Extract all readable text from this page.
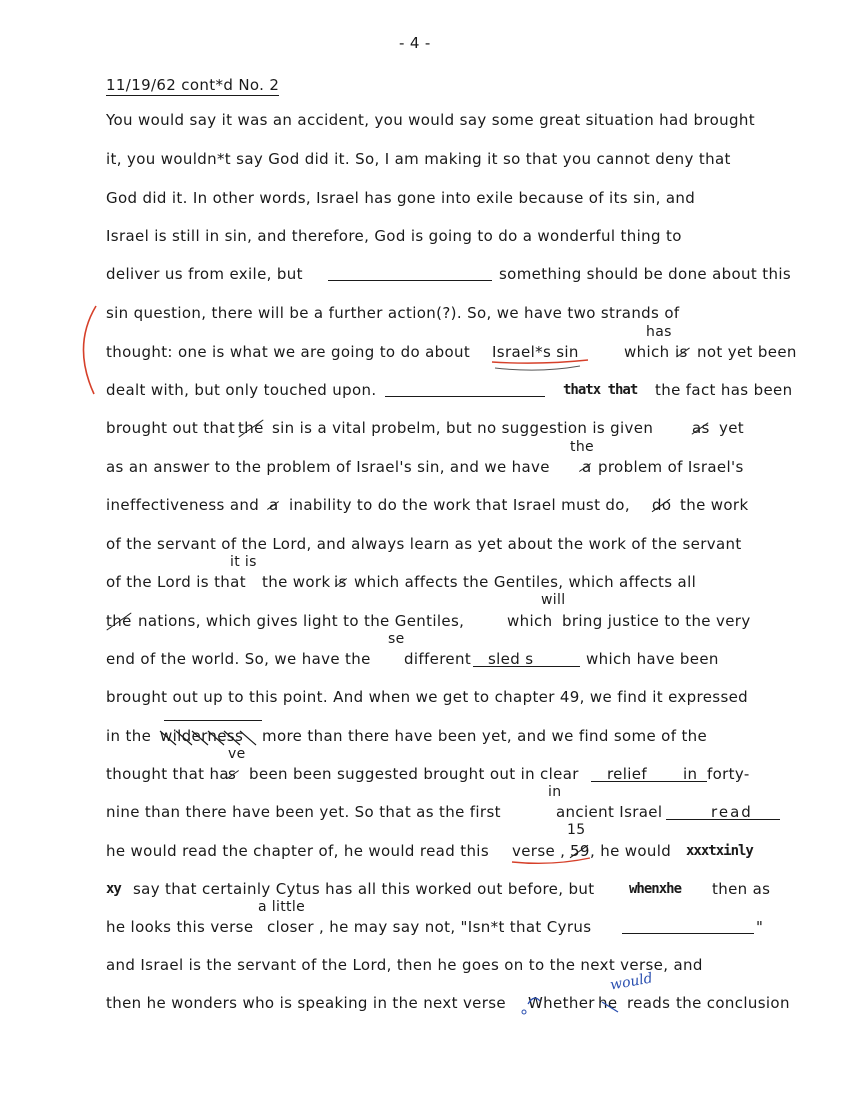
- 4 -
11/19/62 cont*d No. 2
You would say it was an accident, you would say some great situation had brought
it, you wouldn*t say God did it. So, I am making it so that you cannot deny that
God did it. In other words, Israel has gone into exile because of its sin, and
Israel is still in sin, and therefore, God is going to do a wonderful thing to
deliver us from exile, but	something should be done about this
sin question, there will be a further action(?). So, we have two strands of
has
thought: one is what we are going to do about Israel*s sin	which is not yet been
dealt with, but only touched upon.	thatx that the fact has been
brought out that the sin is a vital probelm, but no suggestion is given	as yet
the
as an answer to the problem of Israel's sin, and we have a problem of Israel's
ineffectiveness and a inability to do the work that Israel must do, do the work
of the servant of the Lord, and always learn as yet about the work of the servant
it is
of the Lord is that the work is which affects the Gentiles, which affects all
will
the nations, which gives light to the Gentiles,	which bring justice to the very
se
end of the world. So, we have the different sled s	which have been
brought out up to this point. And when we get to chapter 49, we find it expressed
in the wilderness more than there have been yet, and we find some of the
ve
thought that ha s been been suggested brought out in clear relief in forty-
in
nine than there have been yet. So that as the first	ancient Israel	read
15
he would read the chapter of, he would read this verse , 59 , he would xxxtxinly
xy say that certainly Cytus has all this worked out before, but whenxhe then as
a little
he looks this verse closer , he may say not, "Isn*t that Cyrus	"
and Israel is the servant of the Lord, then he goes on to the next verse, and
would
then he wonders who is speaking in the next verse Whether he reads the conclusion
